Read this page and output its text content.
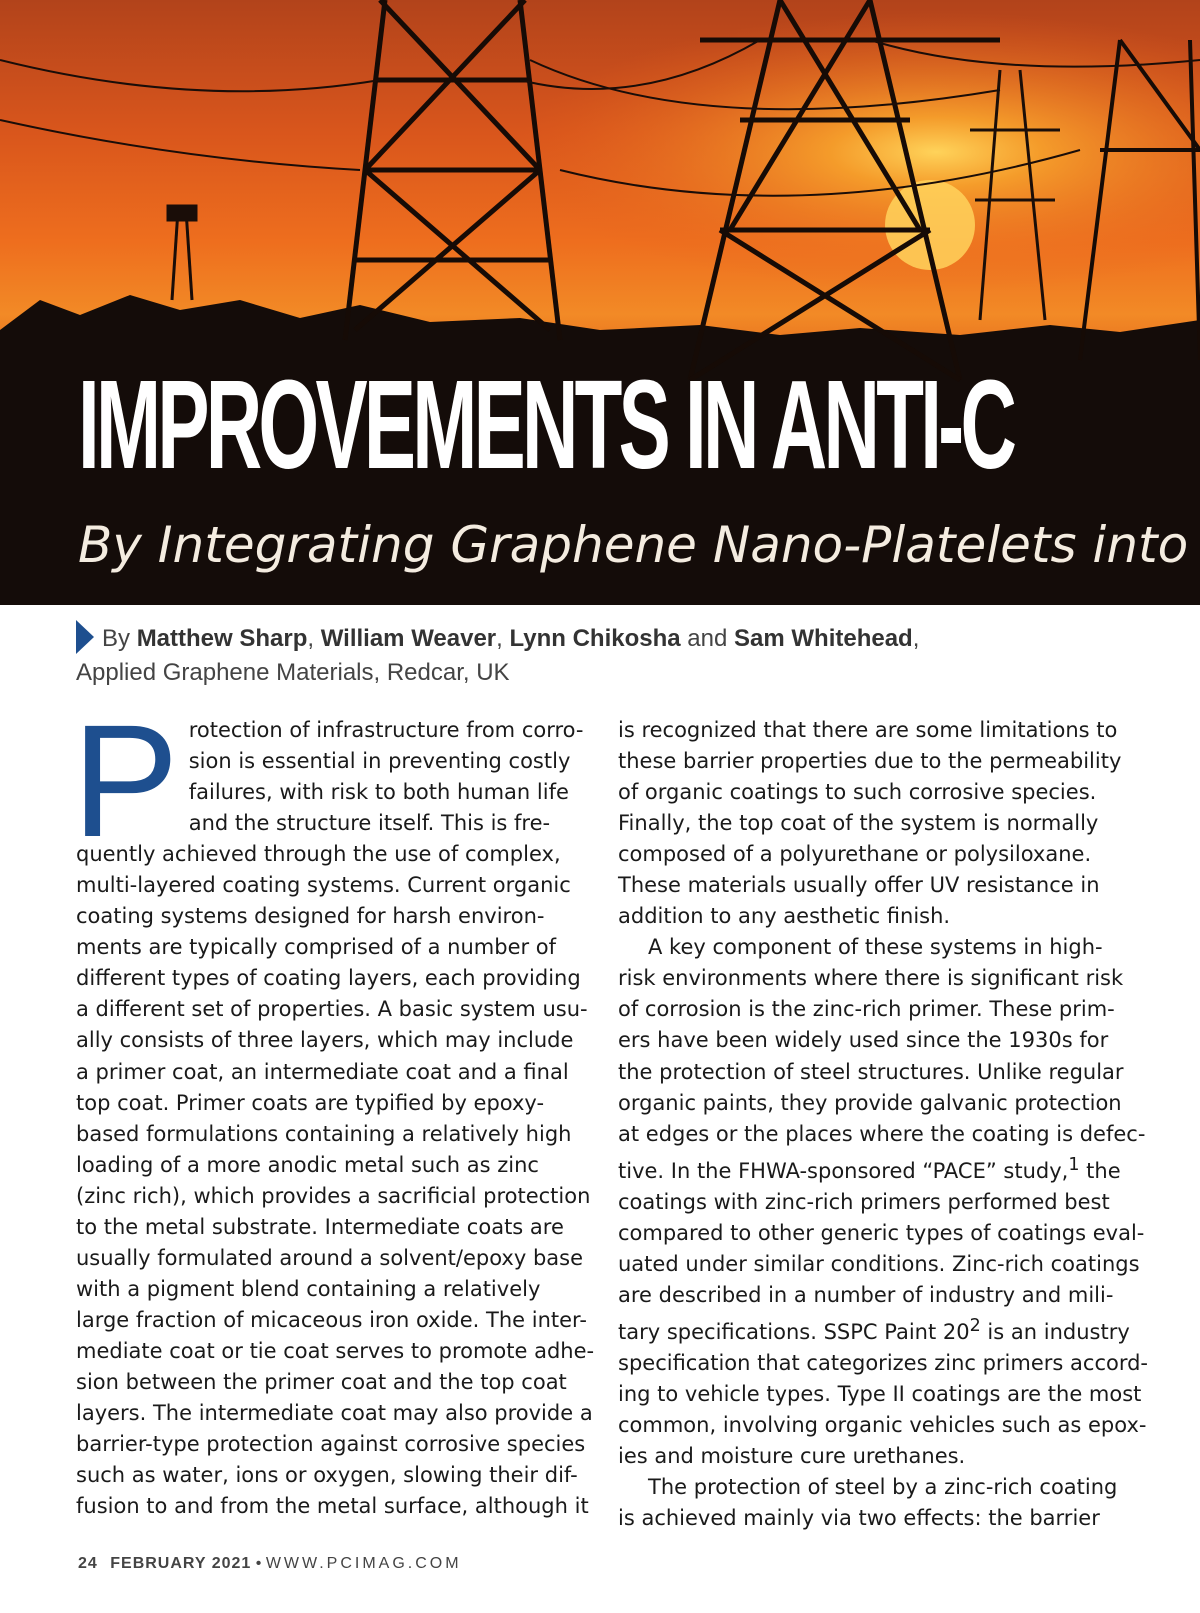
IMPROVEMENTS IN ANTI-C
By Integrating Graphene Nano-Platelets into
By Matthew Sharp, William Weaver, Lynn Chikosha and Sam Whitehead,
Applied Graphene Materials, Redcar, UK
P rotection of infrastructure from corro-
sion is essential in preventing costly
failures, with risk to both human life
and the structure itself. This is fre-
quently achieved through the use of complex,
multi-layered coating systems. Current organic
coating systems designed for harsh environ-
ments are typically comprised of a number of
different types of coating layers, each providing
a different set of properties. A basic system usu-
ally consists of three layers, which may include
a primer coat, an intermediate coat and a final
top coat. Primer coats are typified by epoxy-
based formulations containing a relatively high
loading of a more anodic metal such as zinc
(zinc rich), which provides a sacrificial protection
to the metal substrate. Intermediate coats are
usually formulated around a solvent/epoxy base
with a pigment blend containing a relatively
large fraction of micaceous iron oxide. The inter-
mediate coat or tie coat serves to promote adhe-
sion between the primer coat and the top coat
layers. The intermediate coat may also provide a
barrier-type protection against corrosive species
such as water, ions or oxygen, slowing their dif-
fusion to and from the metal surface, although it
is recognized that there are some limitations to
these barrier properties due to the permeability
of organic coatings to such corrosive species.
Finally, the top coat of the system is normally
composed of a polyurethane or polysiloxane.
These materials usually offer UV resistance in
addition to any aesthetic finish.
A key component of these systems in high-
risk environments where there is significant risk
of corrosion is the zinc-rich primer. These prim-
ers have been widely used since the 1930s for
the protection of steel structures. Unlike regular
organic paints, they provide galvanic protection
at edges or the places where the coating is defec-
tive. In the FHWA-sponsored “PACE” study,$^1$ the
coatings with zinc-rich primers performed best
compared to other generic types of coatings eval-
uated under similar conditions. Zinc-rich coatings
are described in a number of industry and mili-
tary specifications. SSPC Paint $20^2$ is an industry
specification that categorizes zinc primers accord-
ing to vehicle types. Type II coatings are the most
common, involving organic vehicles such as epox-
ies and moisture cure urethanes.
The protection of steel by a zinc-rich coating
is achieved mainly via two effects: the barrier
24 FEBRUARY 2021 • WWW.PCIMAG.COM
